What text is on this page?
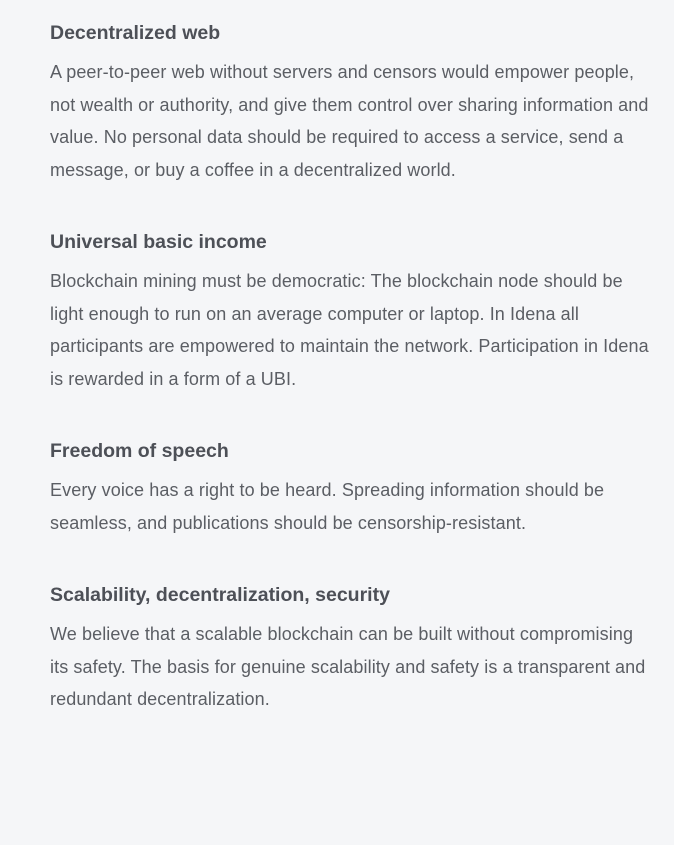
Decentralized web

A peer-to-peer web without servers and censors would empower people, not wealth or authority, and give them control over sharing information and value. No personal data should be required to access a service, send a message, or buy a coffee in a decentralized world.

Universal basic income

Blockchain mining must be democratic: The blockchain node should be light enough to run on an average computer or laptop. In Idena all participants are empowered to maintain the network. Participation in Idena is rewarded in a form of a UBI.

Freedom of speech

Every voice has a right to be heard. Spreading information should be seamless, and publications should be censorship-resistant.

Scalability, decentralization, security

We believe that a scalable blockchain can be built without compromising its safety. The basis for genuine scalability and safety is a transparent and redundant decentralization.
